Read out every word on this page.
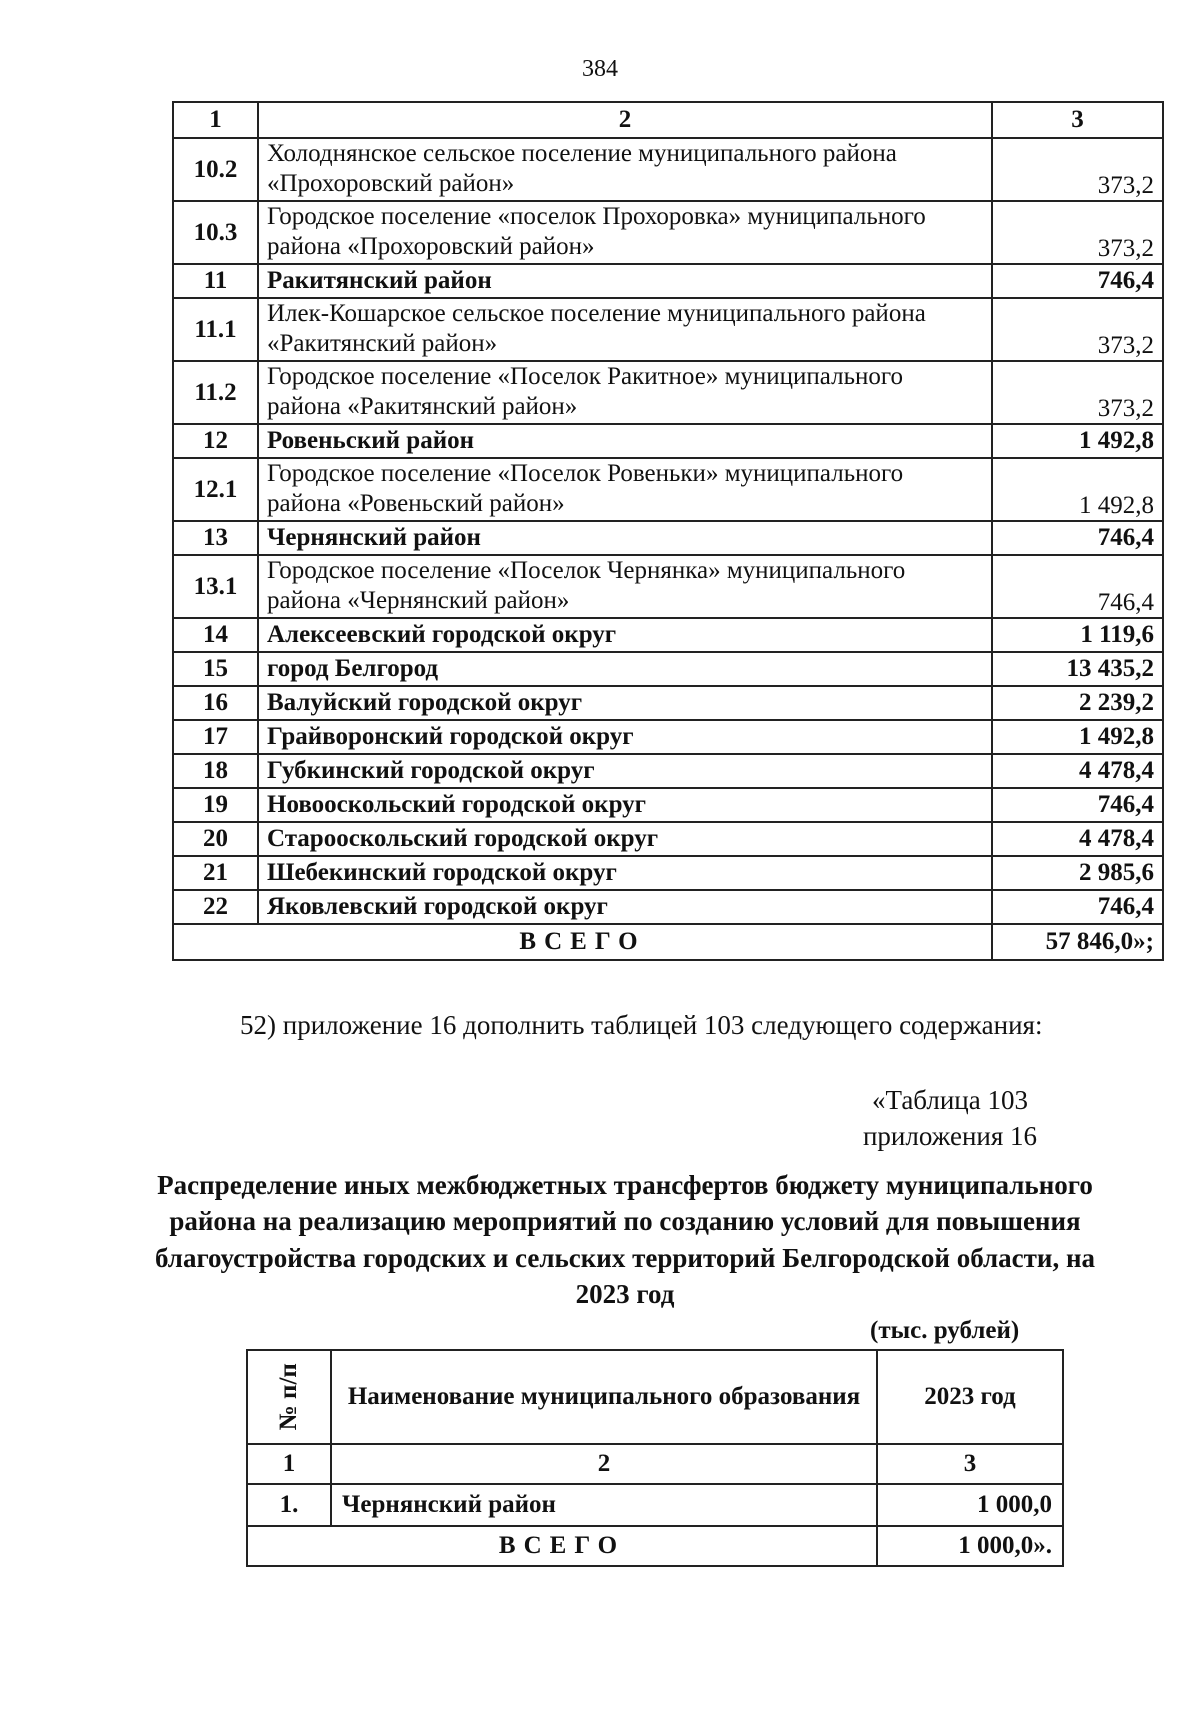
384
1	2	3
10.2	Холоднянское сельское поселение муниципального района «Прохоровский район»	373,2
10.3	Городское поселение «поселок Прохоровка» муниципального района «Прохоровский район»	373,2
11	Ракитянский район	746,4
11.1	Илек-Кошарское сельское поселение муниципального района «Ракитянский район»	373,2
11.2	Городское поселение «Поселок Ракитное» муниципального района «Ракитянский район»	373,2
12	Ровеньский район	1 492,8
12.1	Городское поселение «Поселок Ровеньки» муниципального района «Ровеньский район»	1 492,8
13	Чернянский район	746,4
13.1	Городское поселение «Поселок Чернянка» муниципального района «Чернянский район»	746,4
14	Алексеевский городской округ	1 119,6
15	город Белгород	13 435,2
16	Валуйский городской округ	2 239,2
17	Грайворонский городской округ	1 492,8
18	Губкинский городской округ	4 478,4
19	Новооскольский городской округ	746,4
20	Старооскольский городской округ	4 478,4
21	Шебекинский городской округ	2 985,6
22	Яковлевский городской округ	746,4
ВСЕГО		57 846,0»;
52) приложение 16 дополнить таблицей 103 следующего содержания:
«Таблица 103
приложения 16
Распределение иных межбюджетных трансфертов бюджету муниципального района на реализацию мероприятий по созданию условий для повышения благоустройства городских и сельских территорий Белгородской области, на 2023 год
(тыс. рублей)
№ п/п	Наименование муниципального образования	2023 год
1	2	3
1.	Чернянский район	1 000,0
ВСЕГО		1 000,0».
